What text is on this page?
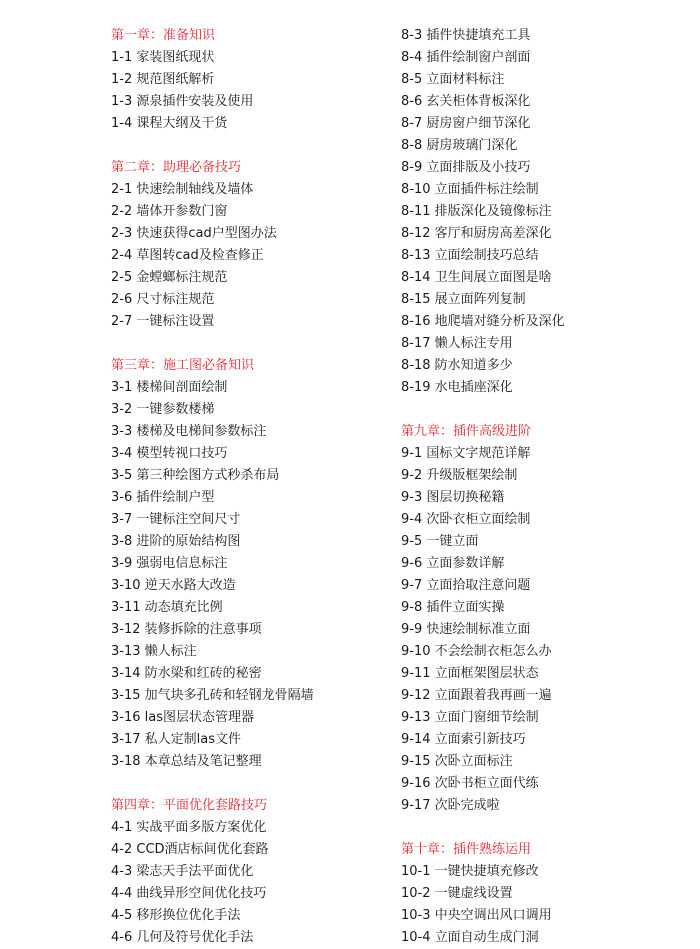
第一章：准备知识
1-1 家装图纸现状
1-2 规范图纸解析
1-3 源泉插件安装及使用
1-4 课程大纲及干货
第二章：助理必备技巧
2-1 快速绘制轴线及墙体
2-2 墙体开参数门窗
2-3 快速获得cad户型图办法
2-4 草图转cad及检查修正
2-5 金螳螂标注规范
2-6 尺寸标注规范
2-7 一键标注设置
第三章：施工图必备知识
3-1 楼梯间剖面绘制
3-2 一键参数楼梯
3-3 楼梯及电梯间参数标注
3-4 模型转视口技巧
3-5 第三种绘图方式秒杀布局
3-6 插件绘制户型
3-7 一键标注空间尺寸
3-8 进阶的原始结构图
3-9 强弱电信息标注
3-10 逆天水路大改造
3-11 动态填充比例
3-12 装修拆除的注意事项
3-13 懒人标注
3-14 防水梁和红砖的秘密
3-15 加气块多孔砖和轻钢龙骨隔墙
3-16 las图层状态管理器
3-17 私人定制las文件
3-18 本章总结及笔记整理
第四章：平面优化套路技巧
4-1 实战平面多版方案优化
4-2 CCD酒店标间优化套路
4-3 梁志天手法平面优化
4-4 曲线异形空间优化技巧
4-5 移形换位优化手法
4-6 几何及符号优化手法
8-3 插件快捷填充工具
8-4 插件绘制窗户剖面
8-5 立面材料标注
8-6 玄关柜体背板深化
8-7 厨房窗户细节深化
8-8 厨房玻璃门深化
8-9 立面排版及小技巧
8-10 立面插件标注绘制
8-11 排版深化及镜像标注
8-12 客厅和厨房高差深化
8-13 立面绘制技巧总结
8-14 卫生间展立面图是啥
8-15 展立面阵列复制
8-16 地爬墙对缝分析及深化
8-17 懒人标注专用
8-18 防水知道多少
8-19 水电插座深化
第九章：插件高级进阶
9-1 国标文字规范详解
9-2 升级版框架绘制
9-3 图层切换秘籍
9-4 次卧衣柜立面绘制
9-5 一键立面
9-6 立面参数详解
9-7 立面拾取注意问题
9-8 插件立面实操
9-9 快速绘制标准立面
9-10 不会绘制衣柜怎么办
9-11 立面框架图层状态
9-12 立面跟着我再画一遍
9-13 立面门窗细节绘制
9-14 立面索引新技巧
9-15 次卧立面标注
9-16 次卧书柜立面代练
9-17 次卧完成啦
第十章：插件熟练运用
10-1 一键快捷填充修改
10-2 一键虚线设置
10-3 中央空调出风口调用
10-4 立面自动生成门洞
